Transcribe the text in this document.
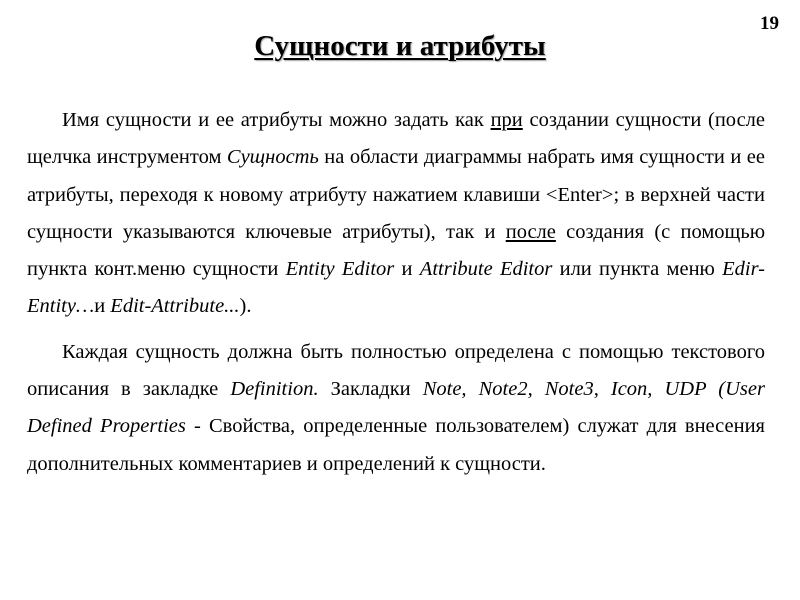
19
Сущности и атрибуты

Имя сущности и ее атрибуты можно задать как при создании сущности (после щелчка инструментом Сущность на области диаграммы набрать имя сущности и ее атрибуты, переходя к новому атрибуту нажатием клавиши <Enter>; в верхней части сущности указываются ключевые атрибуты), так и после создания (с помощью пункта конт.меню сущности Entity Editor и Attribute Editor или пункта меню Edir-Entity…и Edit-Attribute...).

Каждая сущность должна быть полностью определена с помощью текстового описания в закладке Definition. Закладки Note, Note2, Note3, Icon, UDP (User Defined Properties - Свойства, определенные пользователем) служат для внесения дополнительных комментариев и определений к сущности.
